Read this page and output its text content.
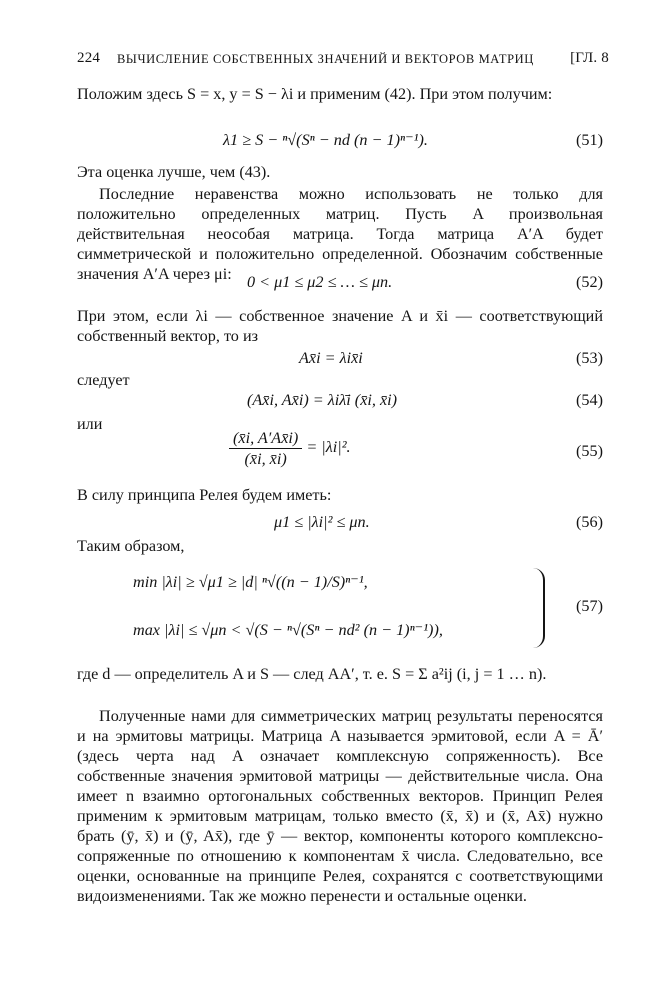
224 ВЫЧИСЛЕНИЕ СОБСТВЕННЫХ ЗНАЧЕНИЙ И ВЕКТОРОВ МАТРИЦ [ГЛ. 8
Положим здесь S = x, y = S − λi и применим (42). При этом получим:
λ1 ≥ S − ⁿ√(Sⁿ − nd (n − 1)ⁿ⁻¹).	(51)
Эта оценка лучше, чем (43).
Последние неравенства можно использовать не только для положительно определенных матриц. Пусть A произвольная действительная неособая матрица. Тогда матрица A′A будет симметрической и положительно определенной. Обозначим собственные значения A′A через μi: 0 < μ1 ≤ μ2 ≤ … ≤ μn.	(52)
При этом, если λi — собственное значение A и x̄i — соответствующий собственный вектор, то из
Ax̄i = λix̄i	(53)
следует
(Ax̄i, Ax̄i) = λiλ̄i (x̄i, x̄i)	(54)
или
$\frac{(x̄i, A'Ax̄i)}{(x̄i, x̄i)} = |\lambda i|^2$.	(55)
В силу принципа Релея будем иметь:
μ1 ≤ |λi|² ≤ μn.	(56)
Таким образом,
min |λi| ≥ √μ1 ≥ |d| ⁿ√((n − 1)/S)ⁿ⁻¹,
max |λi| ≤ √μn < √(S − ⁿ√(Sⁿ − nd² (n − 1)ⁿ⁻¹)),
(57)
где d — определитель A и S — след AA′, т. е. S = Σ a²ij (i, j = 1 … n).
Полученные нами для симметрических матриц результаты переносятся и на эрмитовы матрицы. Матрица A называется эрмитовой, если A = Ā′ (здесь черта над A означает комплексную сопряженность). Все собственные значения эрмитовой матрицы — действительные числа. Она имеет n взаимно ортогональных собственных векторов. Принцип Релея применим к эрмитовым матрицам, только вместо (x̄, x̄) и (x̄, Ax̄) нужно брать (ȳ, x̄) и (ȳ, Ax̄), где ȳ — вектор, компоненты которого комплексно-сопряженные по отношению к компонентам x̄ числа. Следовательно, все оценки, основанные на принципе Релея, сохранятся с соответствующими видоизменениями. Так же можно перенести и остальные оценки.
